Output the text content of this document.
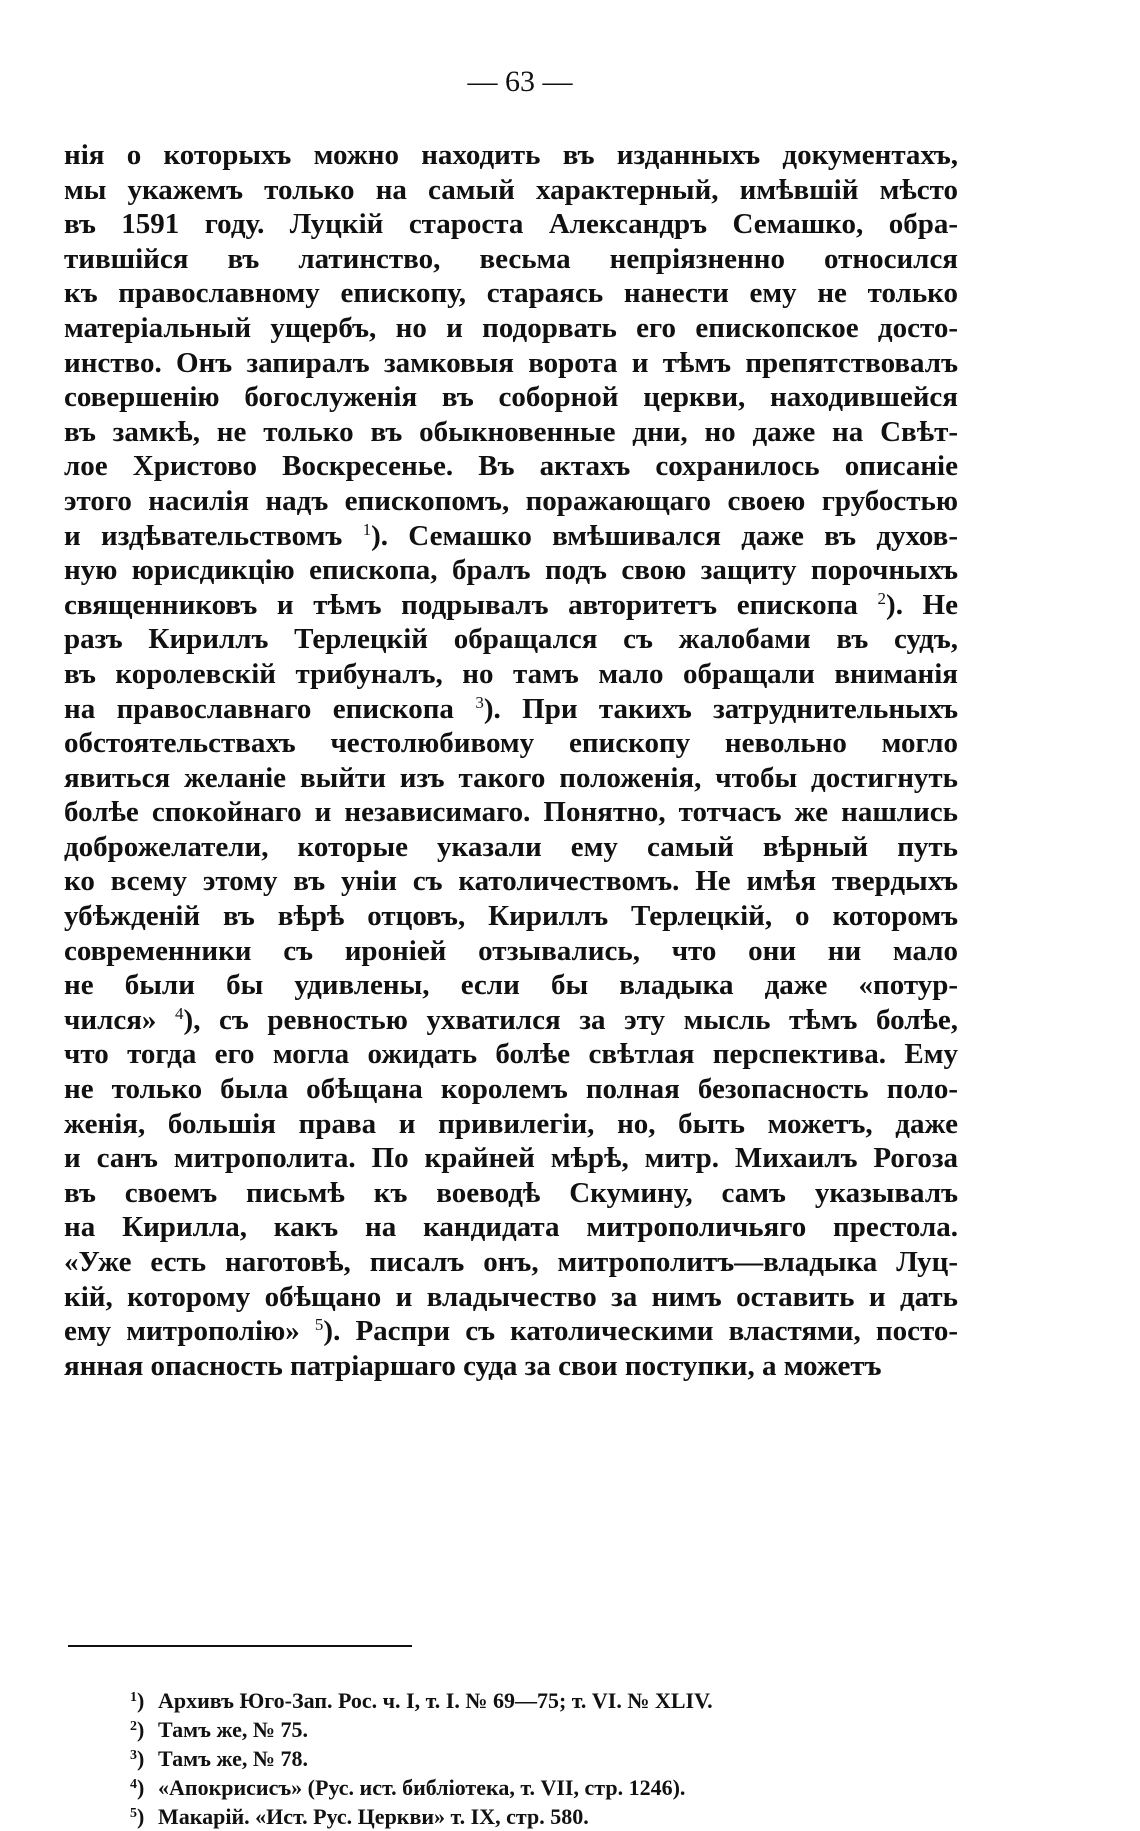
— 63 —
нія о которыхъ можно находить въ изданныхъ документахъ,
мы укажемъ только на самый характерный, имѣвшій мѣсто
въ 1591 году. Луцкій староста Александръ Семашко, обра-
тившійся въ латинство, весьма непріязненно относился
къ православному епископу, стараясь нанести ему не только
матеріальный ущербъ, но и подорвать его епископское досто-
инство. Онъ запиралъ замковыя ворота и тѣмъ препятствовалъ
совершенію богослуженія въ соборной церкви, находившейся
въ замкѣ, не только въ обыкновенные дни, но даже на Свѣт-
лое Христово Воскресенье. Въ актахъ сохранилось описаніе
этого насилія надъ епископомъ, поражающаго своею грубостью
и издѣвательствомъ $^1$). Семашко вмѣшивался даже въ духов-
ную юрисдикцію епископа, бралъ подъ свою защиту порочныхъ
священниковъ и тѣмъ подрывалъ авторитетъ епископа $^2$). Не
разъ Кириллъ Терлецкій обращался съ жалобами въ судъ,
въ королевскій трибуналъ, но тамъ мало обращали вниманія
на православнаго епископа $^3$). При такихъ затруднительныхъ
обстоятельствахъ честолюбивому епископу невольно могло
явиться желаніе выйти изъ такого положенія, чтобы достигнуть
болѣе спокойнаго и независимаго. Понятно, тотчасъ же нашлись
доброжелатели, которые указали ему самый вѣрный путь
ко всему этому въ уніи съ католичествомъ. Не имѣя твердыхъ
убѣжденій въ вѣрѣ отцовъ, Кириллъ Терлецкій, о которомъ
современники съ ироніей отзывались, что они ни мало
не были бы удивлены, если бы владыка даже «потур-
чился» $^4$), съ ревностью ухватился за эту мысль тѣмъ болѣе,
что тогда его могла ожидать болѣе свѣтлая перспектива. Ему
не только была обѣщана королемъ полная безопасность поло-
женія, большія права и привилегіи, но, быть можетъ, даже
и санъ митрополита. По крайней мѣрѣ, митр. Михаилъ Рогоза
въ своемъ письмѣ къ воеводѣ Скумину, самъ указывалъ
на Кирилла, какъ на кандидата митрополичьяго престола.
«Уже есть наготовѣ, писалъ онъ, митрополитъ—владыка Луц-
кій, которому обѣщано и владычество за нимъ оставить и дать
ему митрополію» $^5$). Распри съ католическими властями, посто-
янная опасность патріаршаго суда за свои поступки, а можетъ
$^1$) Архивъ Юго-Зап. Рос. ч. I, т. I. № 69—75; т. VI. № XLIV.
$^2$) Тамъ же, № 75.
$^3$) Тамъ же, № 78.
$^4$) «Апокрисисъ» (Рус. ист. библіотека, т. VII, стр. 1246).
$^5$) Макарій. «Ист. Рус. Церкви» т. IX, стр. 580.
